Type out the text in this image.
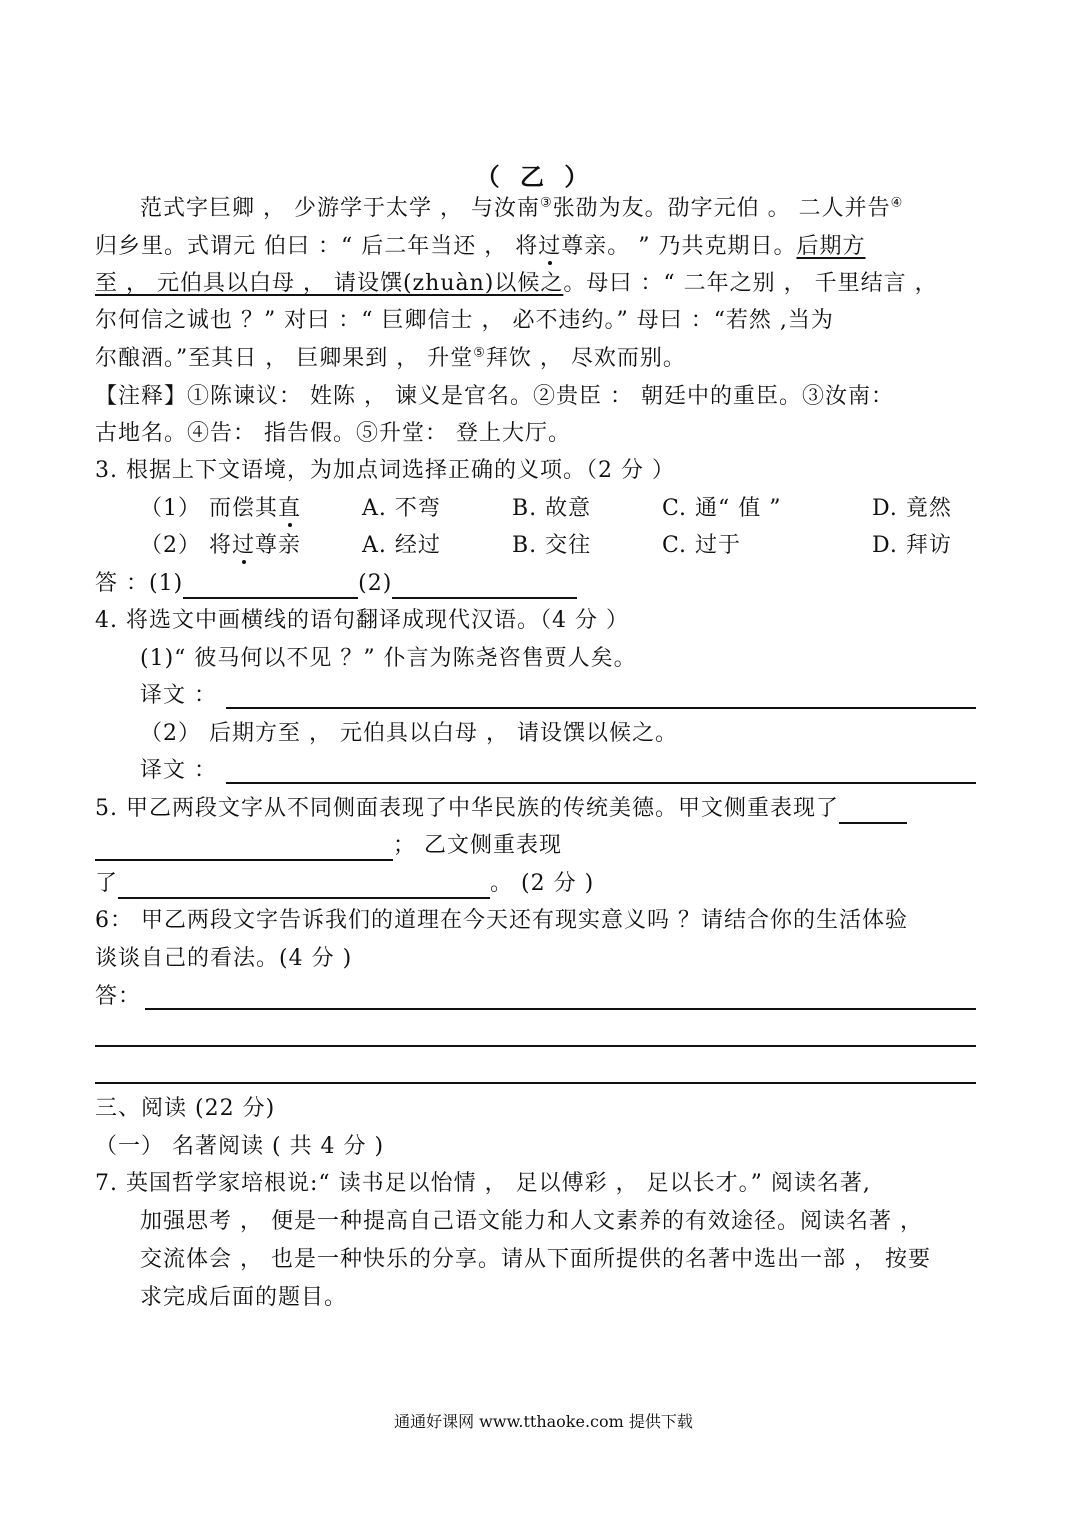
（ 乙 ）
范式字巨卿 ， 少游学于太学 ， 与汝南③张劭为友。劭字元伯 。 二人并告④
归乡里。式谓元 伯曰 ：“ 后二年当还 ， 将过尊亲。 ” 乃共克期日。后期方
至 ， 元伯具以白母 ， 请设馔(zhuàn)以候之。母曰 ：“ 二年之别 ， 千里结言 ，
尔何信之诚也 ？” 对曰 ：“ 巨卿信士 ， 必不违约。” 母曰 ：“若然 ,当为
尔酿酒。”至其日 ， 巨卿果到 ， 升堂⑤拜饮 ， 尽欢而别。
【注释】①陈谏议： 姓陈 ， 谏义是官名。②贵臣 ： 朝廷中的重臣。③汝南：
古地名。④告： 指告假。⑤升堂： 登上大厅。
3. 根据上下文语境，为加点词选择正确的义项。（2 分 ）
（1） 而偿其直	A. 不弯	B. 故意	C. 通“ 值 ”	D. 竟然
（2） 将过尊亲	A. 经过	B. 交往	C. 过于	D. 拜访
答 ：(1)	(2)
4. 将选文中画横线的语句翻译成现代汉语。（4 分 ）
(1)“ 彼马何以不见 ？” 仆言为陈尧咨售贾人矣。
译文 ：
（2） 后期方至 ， 元伯具以白母 ， 请设馔以候之。
译文 ：
5. 甲乙两段文字从不同侧面表现了中华民族的传统美德。甲文侧重表现了
； 乙文侧重表现
了	。 (2 分 )
6： 甲乙两段文字告诉我们的道理在今天还有现实意义吗 ？请结合你的生活体验
谈谈自己的看法。(4 分 )
答：
三、阅读 (22 分)
（一） 名著阅读 ( 共 4 分 )
7. 英国哲学家培根说:“ 读书足以怡情 ， 足以傅彩 ， 足以长才。” 阅读名著,
加强思考 ， 便是一种提高自己语文能力和人文素养的有效途径。阅读名著 ，
交流体会 ， 也是一种快乐的分享。请从下面所提供的名著中选出一部 ， 按要
求完成后面的题目。
通通好课网 www.tthaoke.com 提供下载
